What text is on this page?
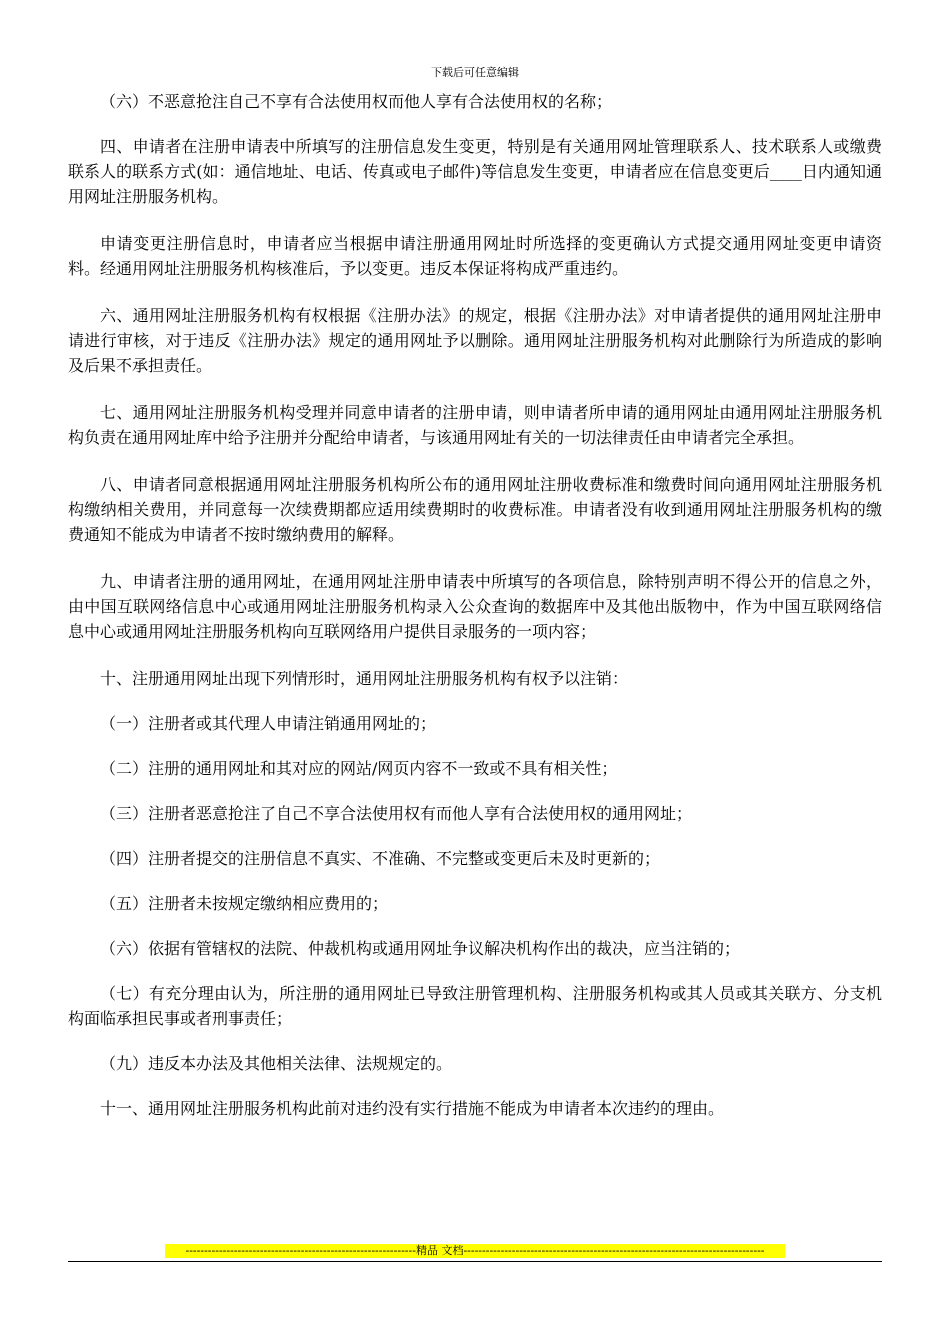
下载后可任意编辑

（六）不恶意抢注自己不享有合法使用权而他人享有合法使用权的名称；

四、申请者在注册申请表中所填写的注册信息发生变更，特别是有关通用网址管理联系人、技术联系人或缴费联系人的联系方式(如：通信地址、电话、传真或电子邮件)等信息发生变更，申请者应在信息变更后____日内通知通用网址注册服务机构。

申请变更注册信息时，申请者应当根据申请注册通用网址时所选择的变更确认方式提交通用网址变更申请资料。经通用网址注册服务机构核准后，予以变更。违反本保证将构成严重违约。

六、通用网址注册服务机构有权根据《注册办法》的规定，根据《注册办法》对申请者提供的通用网址注册申请进行审核，对于违反《注册办法》规定的通用网址予以删除。通用网址注册服务机构对此删除行为所造成的影响及后果不承担责任。

七、通用网址注册服务机构受理并同意申请者的注册申请，则申请者所申请的通用网址由通用网址注册服务机构负责在通用网址库中给予注册并分配给申请者，与该通用网址有关的一切法律责任由申请者完全承担。

八、申请者同意根据通用网址注册服务机构所公布的通用网址注册收费标准和缴费时间向通用网址注册服务机构缴纳相关费用，并同意每一次续费期都应适用续费期时的收费标准。申请者没有收到通用网址注册服务机构的缴费通知不能成为申请者不按时缴纳费用的解释。

九、申请者注册的通用网址，在通用网址注册申请表中所填写的各项信息，除特别声明不得公开的信息之外，由中国互联网络信息中心或通用网址注册服务机构录入公众查询的数据库中及其他出版物中，作为中国互联网络信息中心或通用网址注册服务机构向互联网络用户提供目录服务的一项内容；

十、注册通用网址出现下列情形时，通用网址注册服务机构有权予以注销：

（一）注册者或其代理人申请注销通用网址的；

（二）注册的通用网址和其对应的网站/网页内容不一致或不具有相关性；

（三）注册者恶意抢注了自己不享合法使用权有而他人享有合法使用权的通用网址；

（四）注册者提交的注册信息不真实、不准确、不完整或变更后未及时更新的；

（五）注册者未按规定缴纳相应费用的；

（六）依据有管辖权的法院、仲裁机构或通用网址争议解决机构作出的裁决，应当注销的；

（七）有充分理由认为，所注册的通用网址已导致注册管理机构、注册服务机构或其人员或其关联方、分支机构面临承担民事或者刑事责任；

（九）违反本办法及其他相关法律、法规规定的。

十一、通用网址注册服务机构此前对违约没有实行措施不能成为申请者本次违约的理由。

--------------------------------------------------------------精品 文档---------------------------------------------------------------------------------
